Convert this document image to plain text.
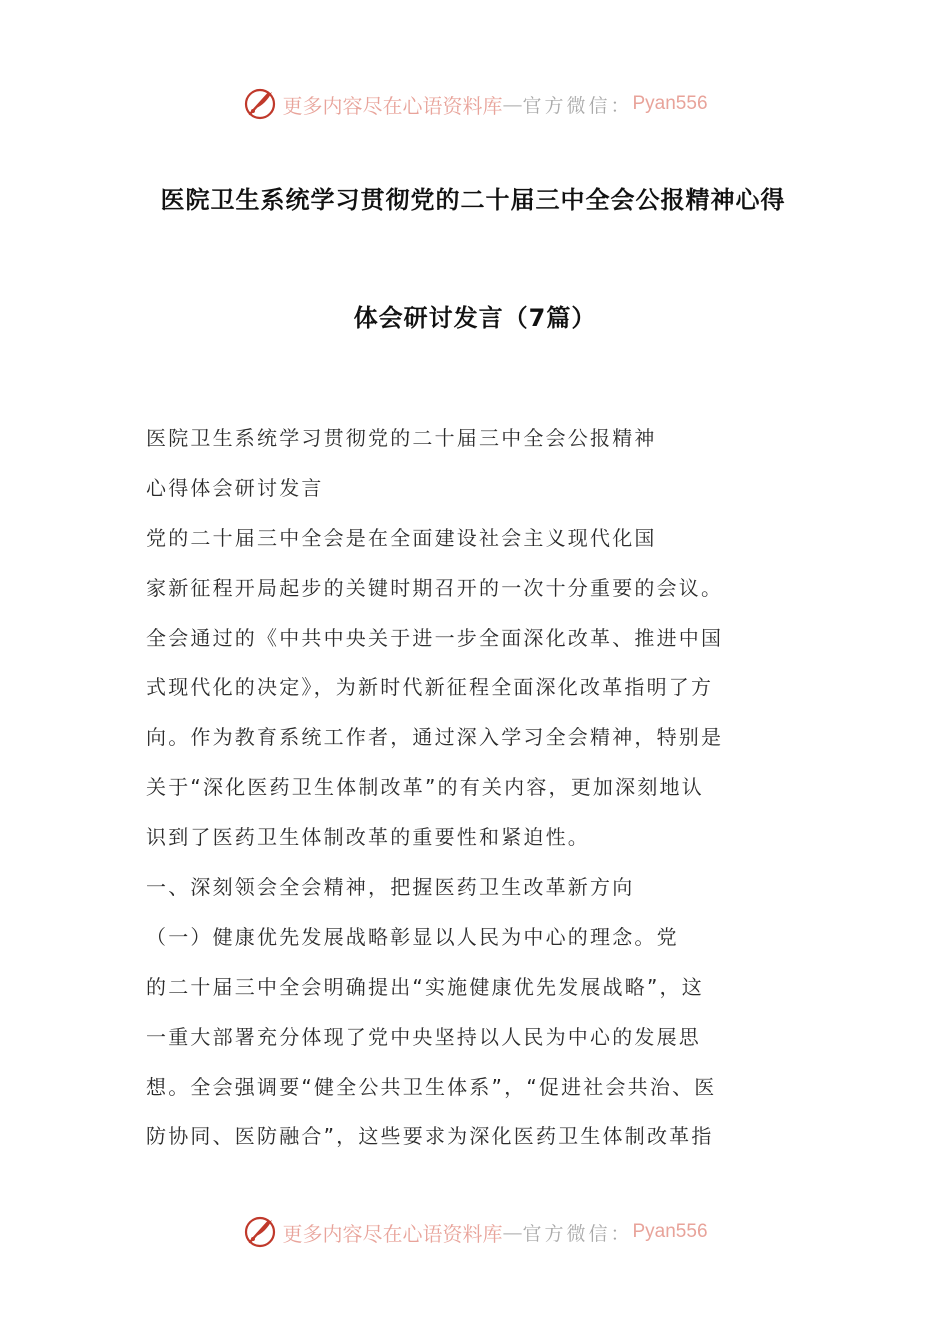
更多内容尽在心语资料库 — 官方微信： Pyan556
医院卫生系统学习贯彻党的二十届三中全会公报精神心得
体会研讨发言（7篇）
医院卫生系统学习贯彻党的二十届三中全会公报精神
心得体会研讨发言
党的二十届三中全会是在全面建设社会主义现代化国
家新征程开局起步的关键时期召开的一次十分重要的会议。
全会通过的《中共中央关于进一步全面深化改革、推进中国
式现代化的决定》，为新时代新征程全面深化改革指明了方
向。作为教育系统工作者，通过深入学习全会精神，特别是
关于“深化医药卫生体制改革”的有关内容，更加深刻地认
识到了医药卫生体制改革的重要性和紧迫性。
一、深刻领会全会精神，把握医药卫生改革新方向
（一）健康优先发展战略彰显以人民为中心的理念。党
的二十届三中全会明确提出“实施健康优先发展战略”，这
一重大部署充分体现了党中央坚持以人民为中心的发展思
想。全会强调要“健全公共卫生体系”，“促进社会共治、医
防协同、医防融合”，这些要求为深化医药卫生体制改革指
更多内容尽在心语资料库 — 官方微信： Pyan556
